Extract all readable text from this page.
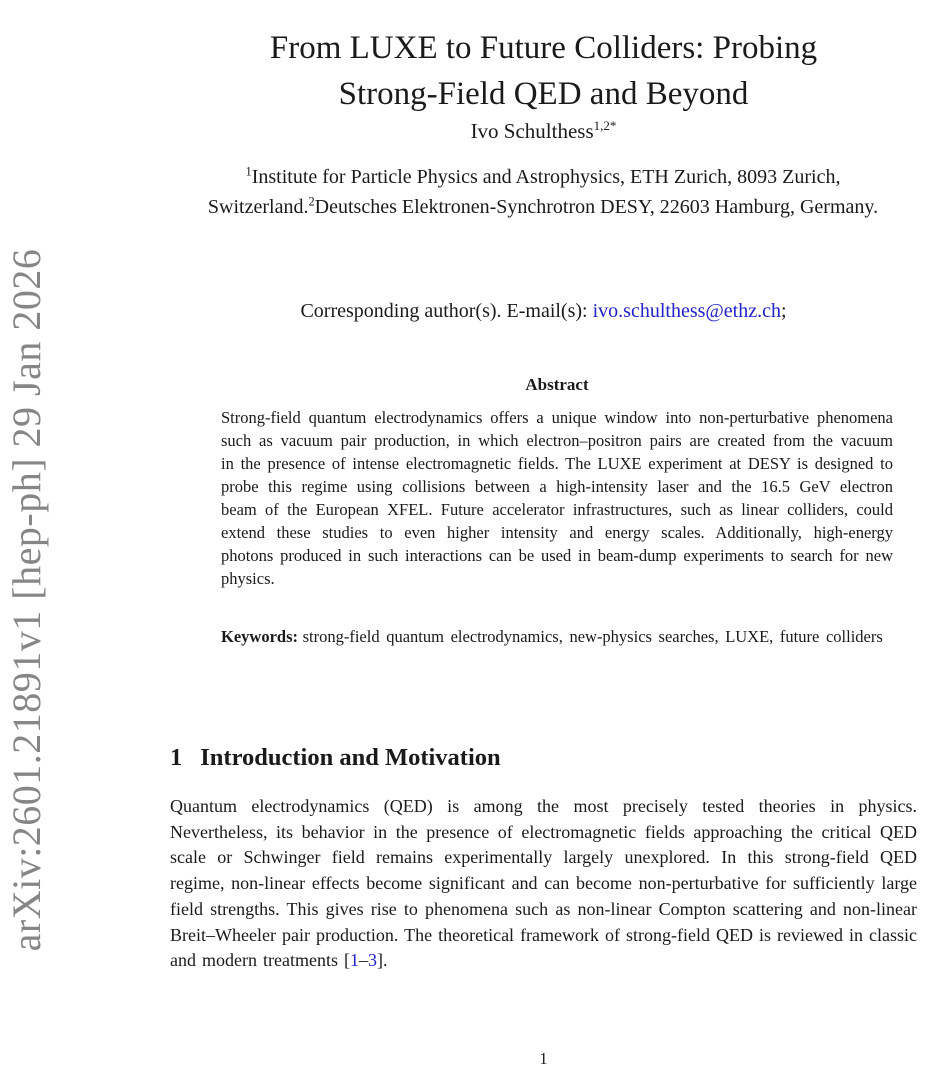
arXiv:2601.21891v1 [hep-ph] 29 Jan 2026
From LUXE to Future Colliders: Probing
Strong-Field QED and Beyond
Ivo Schulthess$^{1,2*}$
$^1$Institute for Particle Physics and Astrophysics, ETH Zurich, 8093 Zurich, Switzerland.$^2$Deutsches Elektronen-Synchrotron DESY, 22603 Hamburg, Germany.
Corresponding author(s). E-mail(s): ivo.schulthess@ethz.ch;
Abstract

Strong-field quantum electrodynamics offers a unique window into non-perturbative phenomena such as vacuum pair production, in which electron–positron pairs are created from the vacuum in the presence of intense electromagnetic fields. The LUXE experiment at DESY is designed to probe this regime using collisions between a high-intensity laser and the 16.5 GeV electron beam of the European XFEL. Future accelerator infrastructures, such as linear colliders, could extend these studies to even higher intensity and energy scales. Additionally, high-energy photons produced in such interactions can be used in beam-dump experiments to search for new physics.

Keywords: strong-field quantum electrodynamics, new-physics searches, LUXE, future colliders
1 Introduction and Motivation

Quantum electrodynamics (QED) is among the most precisely tested theories in physics. Nevertheless, its behavior in the presence of electromagnetic fields approaching the critical QED scale or Schwinger field remains experimentally largely unexplored. In this strong-field QED regime, non-linear effects become significant and can become non-perturbative for sufficiently large field strengths. This gives rise to phenomena such as non-linear Compton scattering and non-linear Breit–Wheeler pair production. The theoretical framework of strong-field QED is reviewed in classic and modern treatments [1–3].

1
